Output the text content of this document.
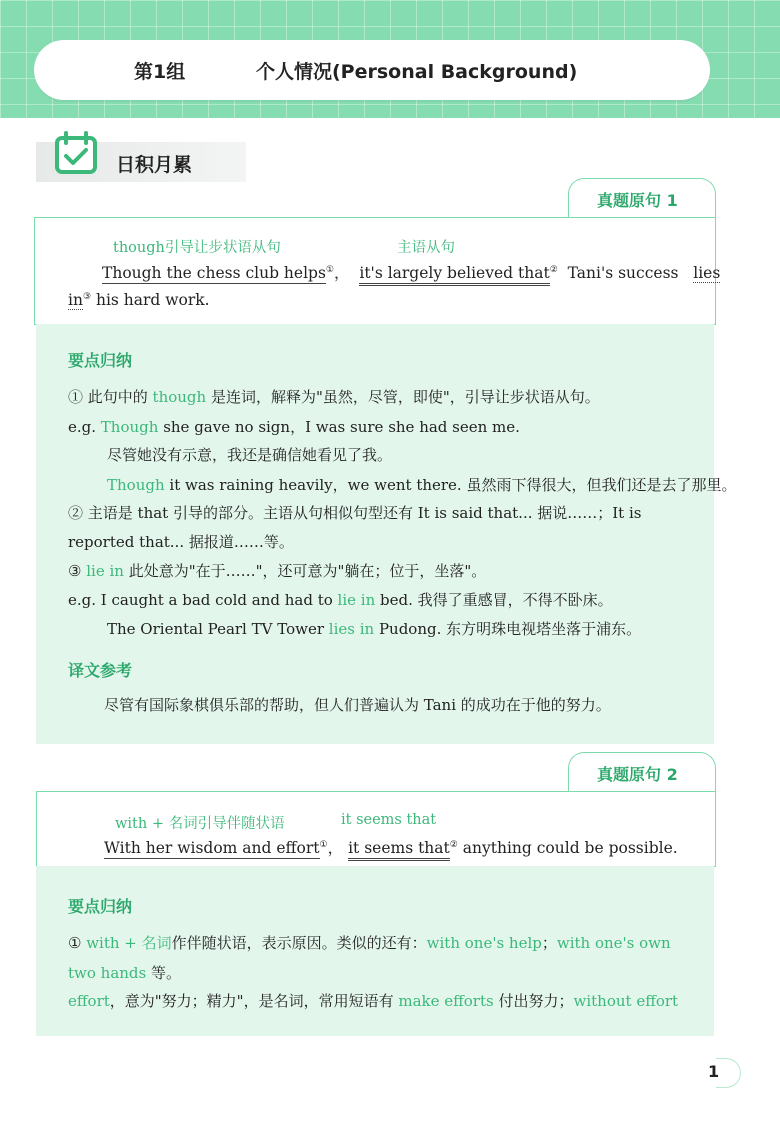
第1组	个人情况(Personal Background)
日积月累
真题原句 1
though引导让步状语从句	主语从句
Though the chess club helps①， it's largely believed that② Tani's success lies
in③ his hard work.
要点归纳
① 此句中的 though 是连词，解释为"虽然，尽管，即使"，引导让步状语从句。
e.g. Though she gave no sign，I was sure she had seen me.
尽管她没有示意，我还是确信她看见了我。
Though it was raining heavily，we went there. 虽然雨下得很大，但我们还是去了那里。
② 主语是 that 引导的部分。主语从句相似句型还有 It is said that... 据说……；It is
reported that... 据报道……等。
③ lie in 此处意为"在于……"，还可意为"躺在；位于，坐落"。
e.g. I caught a bad cold and had to lie in bed. 我得了重感冒，不得不卧床。
The Oriental Pearl TV Tower lies in Pudong. 东方明珠电视塔坐落于浦东。
译文参考
尽管有国际象棋俱乐部的帮助，但人们普遍认为 Tani 的成功在于他的努力。
真题原句 2
with + 名词引导伴随状语	it seems that
With her wisdom and effort①， it seems that② anything could be possible.
要点归纳
① with + 名词作伴随状语，表示原因。类似的还有：with one's help；with one's own
two hands 等。
effort，意为"努力；精力"，是名词，常用短语有 make efforts 付出努力；without effort
1
